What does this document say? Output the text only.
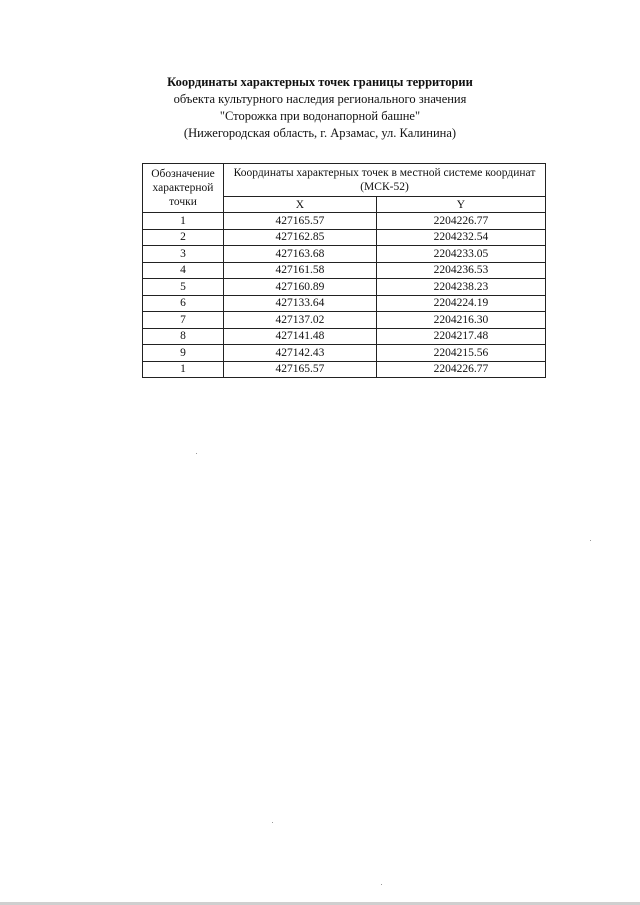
Координаты характерных точек границы территории
объекта культурного наследия регионального значения
"Сторожка при водонапорной башне"
(Нижегородская область, г. Арзамас, ул. Калинина)
Обозначение характерной точки	Координаты характерных точек в местной системе координат (МСК-52)	
	X	Y
1	427165.57	2204226.77
2	427162.85	2204232.54
3	427163.68	2204233.05
4	427161.58	2204236.53
5	427160.89	2204238.23
6	427133.64	2204224.19
7	427137.02	2204216.30
8	427141.48	2204217.48
9	427142.43	2204215.56
1	427165.57	2204226.77
